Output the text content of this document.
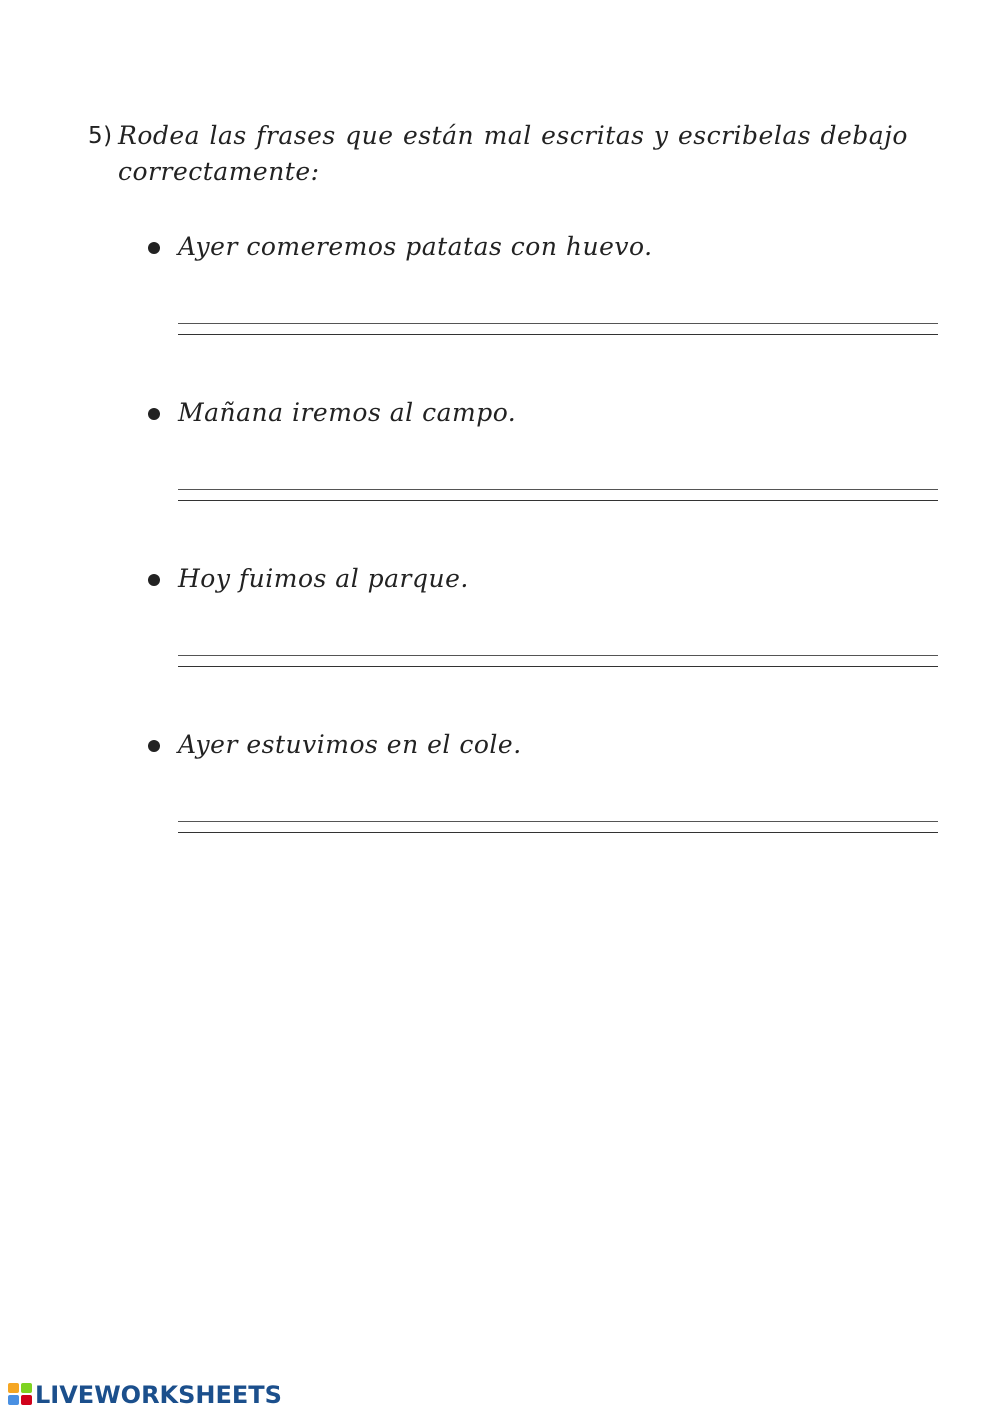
5) Rodea las frases que están mal escritas y escribelas debajo correctamente:
Ayer comeremos patatas con huevo.
Mañana iremos al campo.
Hoy fuimos al parque.
Ayer estuvimos en el cole.
LIVEWORKSHEETS
